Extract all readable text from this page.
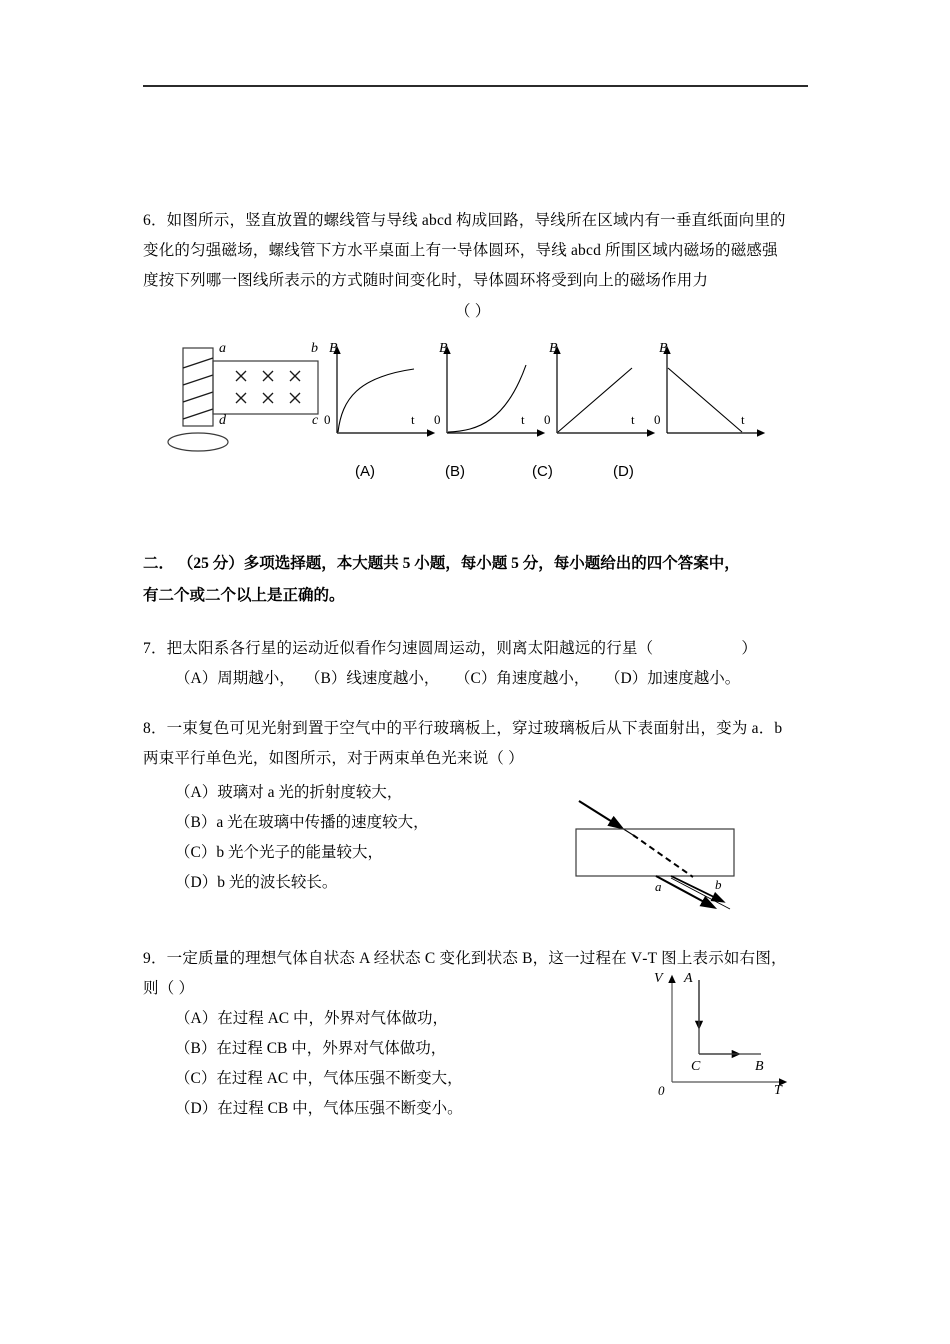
6．如图所示，竖直放置的螺线管与导线 abcd 构成回路，导线所在区域内有一垂直纸面向里的
变化的匀强磁场，螺线管下方水平桌面上有一导体圆环，导线 abcd 所围区域内磁场的磁感强
度按下列哪一图线所表示的方式随时间变化时，导体圆环将受到向上的磁场作用力
（ ）
a	b
d	c
B
0	t
B
0	t
B
0	t
B
0	t
(A)	(B)	(C)	(D)
二． （25 分）多项选择题，本大题共 5 小题，每小题 5 分，每小题给出的四个答案中，
有二个或二个以上是正确的。
7．把太阳系各行星的运动近似看作匀速圆周运动，则离太阳越远的行星（	）
（A）周期越小， （B）线速度越小， （C）角速度越小， （D）加速度越小。
8．一束复色可见光射到置于空气中的平行玻璃板上，穿过玻璃板后从下表面射出，变为 a．b
两束平行单色光，如图所示，对于两束单色光来说（ ）
（A）玻璃对 a 光的折射度较大，
（B）a 光在玻璃中传播的速度较大，
（C）b 光个光子的能量较大，
（D）b 光的波长较长。	a	b
9．一定质量的理想气体自状态 A 经状态 C 变化到状态 B，这一过程在 V‑T 图上表示如右图，
则（ ）
（A）在过程 AC 中，外界对气体做功，
（B）在过程 CB 中，外界对气体做功，
（C）在过程 AC 中，气体压强不断变大，
（D）在过程 CB 中，气体压强不断变小。
V A
C	B
0	T
